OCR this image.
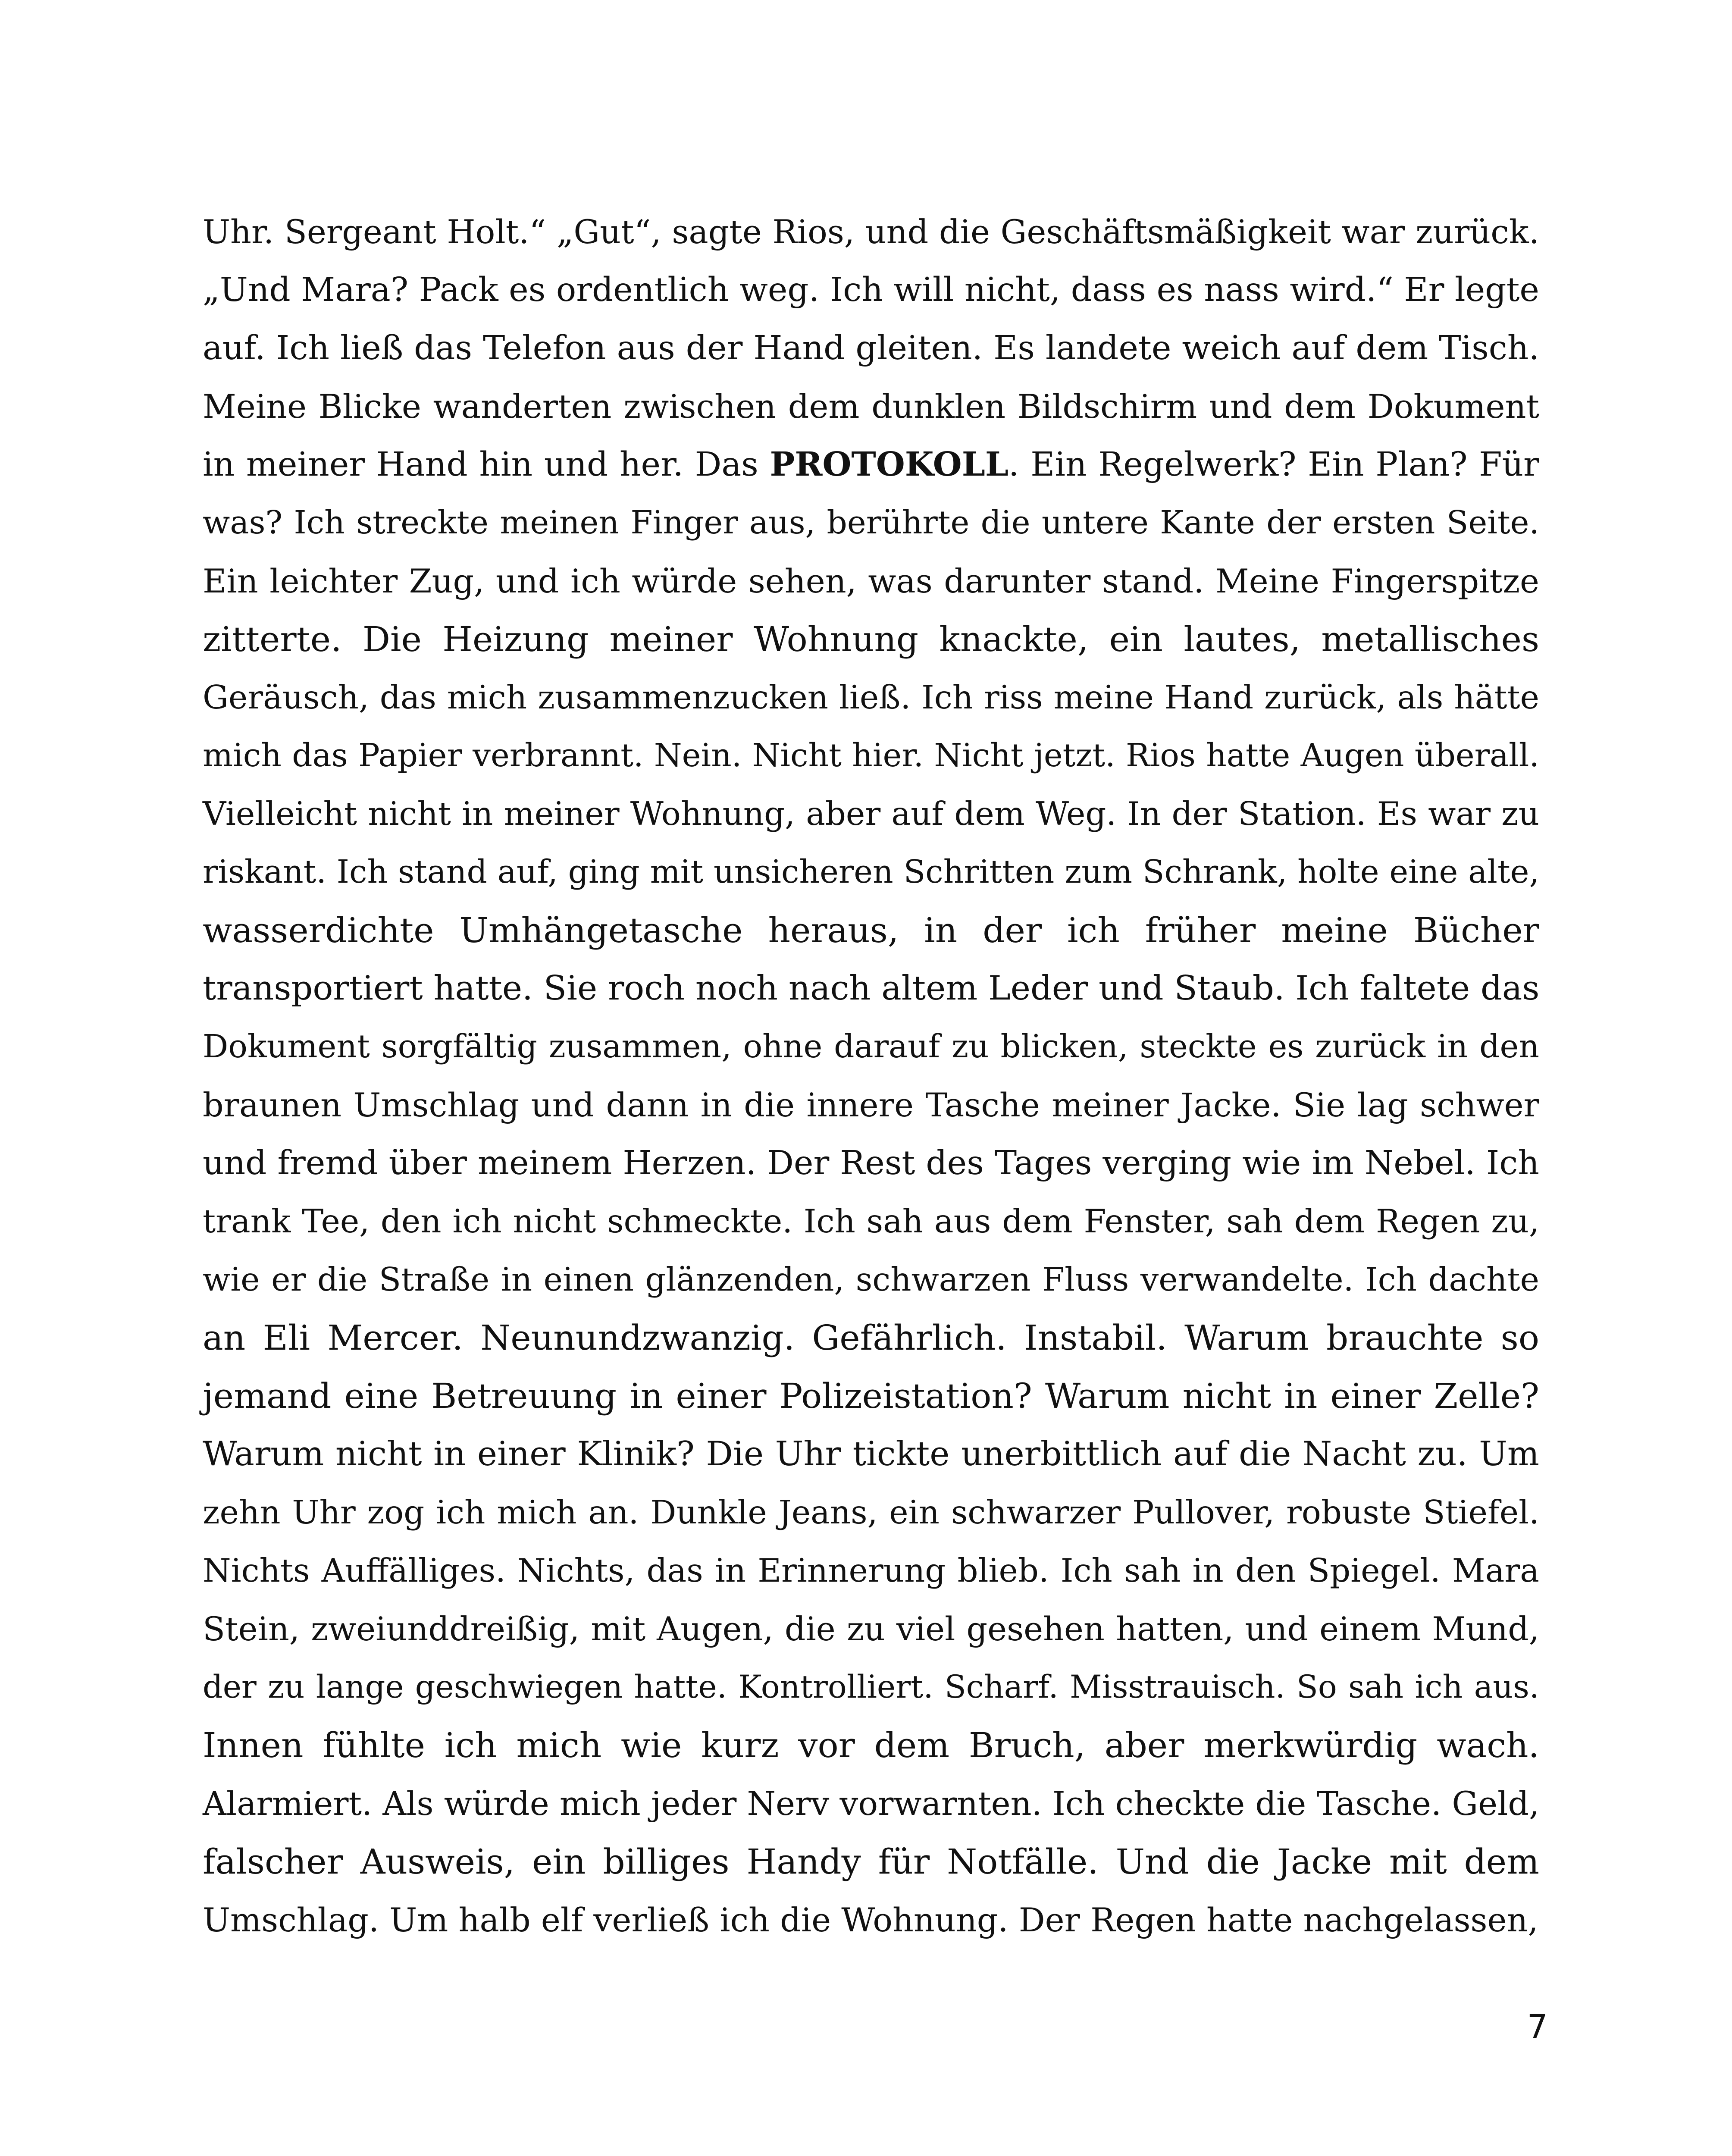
Uhr. Sergeant Holt.“ „Gut“, sagte Rios, und die Geschäftsmäßigkeit war zurück.
„Und Mara? Pack es ordentlich weg. Ich will nicht, dass es nass wird.“ Er legte
auf. Ich ließ das Telefon aus der Hand gleiten. Es landete weich auf dem Tisch.
Meine Blicke wanderten zwischen dem dunklen Bildschirm und dem Dokument
in meiner Hand hin und her. Das PROTOKOLL. Ein Regelwerk? Ein Plan? Für
was? Ich streckte meinen Finger aus, berührte die untere Kante der ersten Seite.
Ein leichter Zug, und ich würde sehen, was darunter stand. Meine Fingerspitze
zitterte. Die Heizung meiner Wohnung knackte, ein lautes, metallisches
Geräusch, das mich zusammenzucken ließ. Ich riss meine Hand zurück, als hätte
mich das Papier verbrannt. Nein. Nicht hier. Nicht jetzt. Rios hatte Augen überall.
Vielleicht nicht in meiner Wohnung, aber auf dem Weg. In der Station. Es war zu
riskant. Ich stand auf, ging mit unsicheren Schritten zum Schrank, holte eine alte,
wasserdichte Umhängetasche heraus, in der ich früher meine Bücher
transportiert hatte. Sie roch noch nach altem Leder und Staub. Ich faltete das
Dokument sorgfältig zusammen, ohne darauf zu blicken, steckte es zurück in den
braunen Umschlag und dann in die innere Tasche meiner Jacke. Sie lag schwer
und fremd über meinem Herzen. Der Rest des Tages verging wie im Nebel. Ich
trank Tee, den ich nicht schmeckte. Ich sah aus dem Fenster, sah dem Regen zu,
wie er die Straße in einen glänzenden, schwarzen Fluss verwandelte. Ich dachte
an Eli Mercer. Neunundzwanzig. Gefährlich. Instabil. Warum brauchte so
jemand eine Betreuung in einer Polizeistation? Warum nicht in einer Zelle?
Warum nicht in einer Klinik? Die Uhr tickte unerbittlich auf die Nacht zu. Um
zehn Uhr zog ich mich an. Dunkle Jeans, ein schwarzer Pullover, robuste Stiefel.
Nichts Auffälliges. Nichts, das in Erinnerung blieb. Ich sah in den Spiegel. Mara
Stein, zweiunddreißig, mit Augen, die zu viel gesehen hatten, und einem Mund,
der zu lange geschwiegen hatte. Kontrolliert. Scharf. Misstrauisch. So sah ich aus.
Innen fühlte ich mich wie kurz vor dem Bruch, aber merkwürdig wach.
Alarmiert. Als würde mich jeder Nerv vorwarnten. Ich checkte die Tasche. Geld,
falscher Ausweis, ein billiges Handy für Notfälle. Und die Jacke mit dem
Umschlag. Um halb elf verließ ich die Wohnung. Der Regen hatte nachgelassen,
7
